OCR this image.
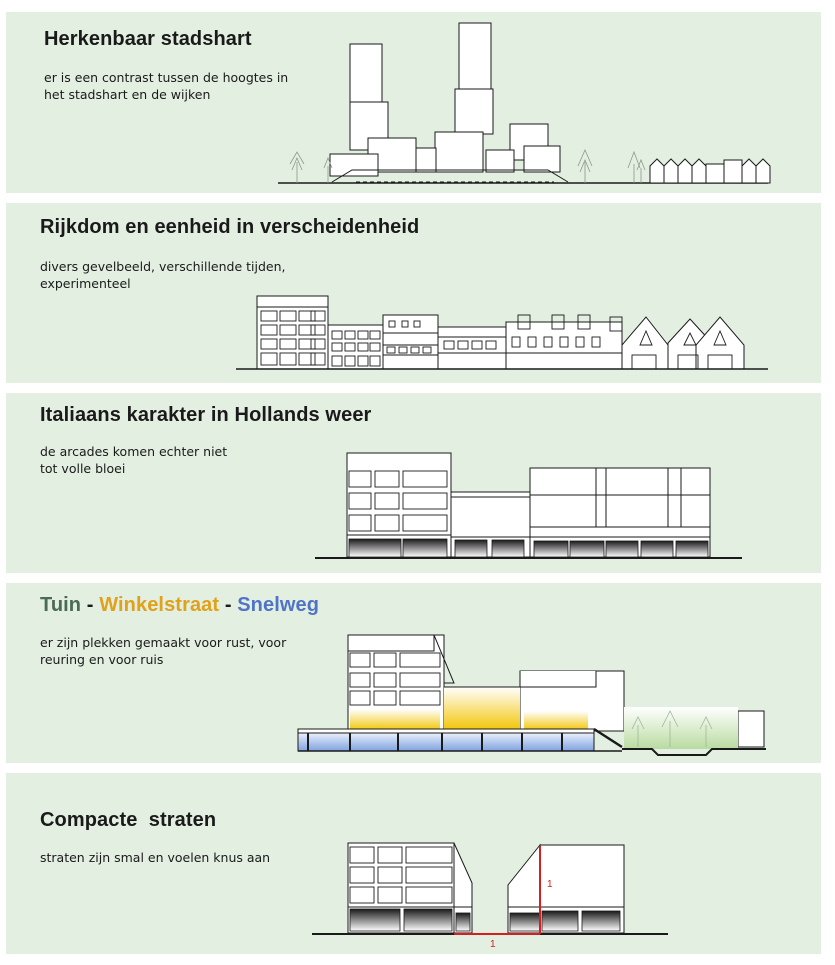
Herkenbaar stadshart
er is een contrast tussen de hoogtes in
het stadshart en de wijken
Rijkdom en eenheid in verscheidenheid
divers gevelbeeld, verschillende tijden,
experimenteel
Italiaans karakter in Hollands weer
de arcades komen echter niet
tot volle bloei
Tuin - Winkelstraat - Snelweg
er zijn plekken gemaakt voor rust, voor
reuring en voor ruis
Compacte  straten
straten zijn smal en voelen knus aan
1
1
